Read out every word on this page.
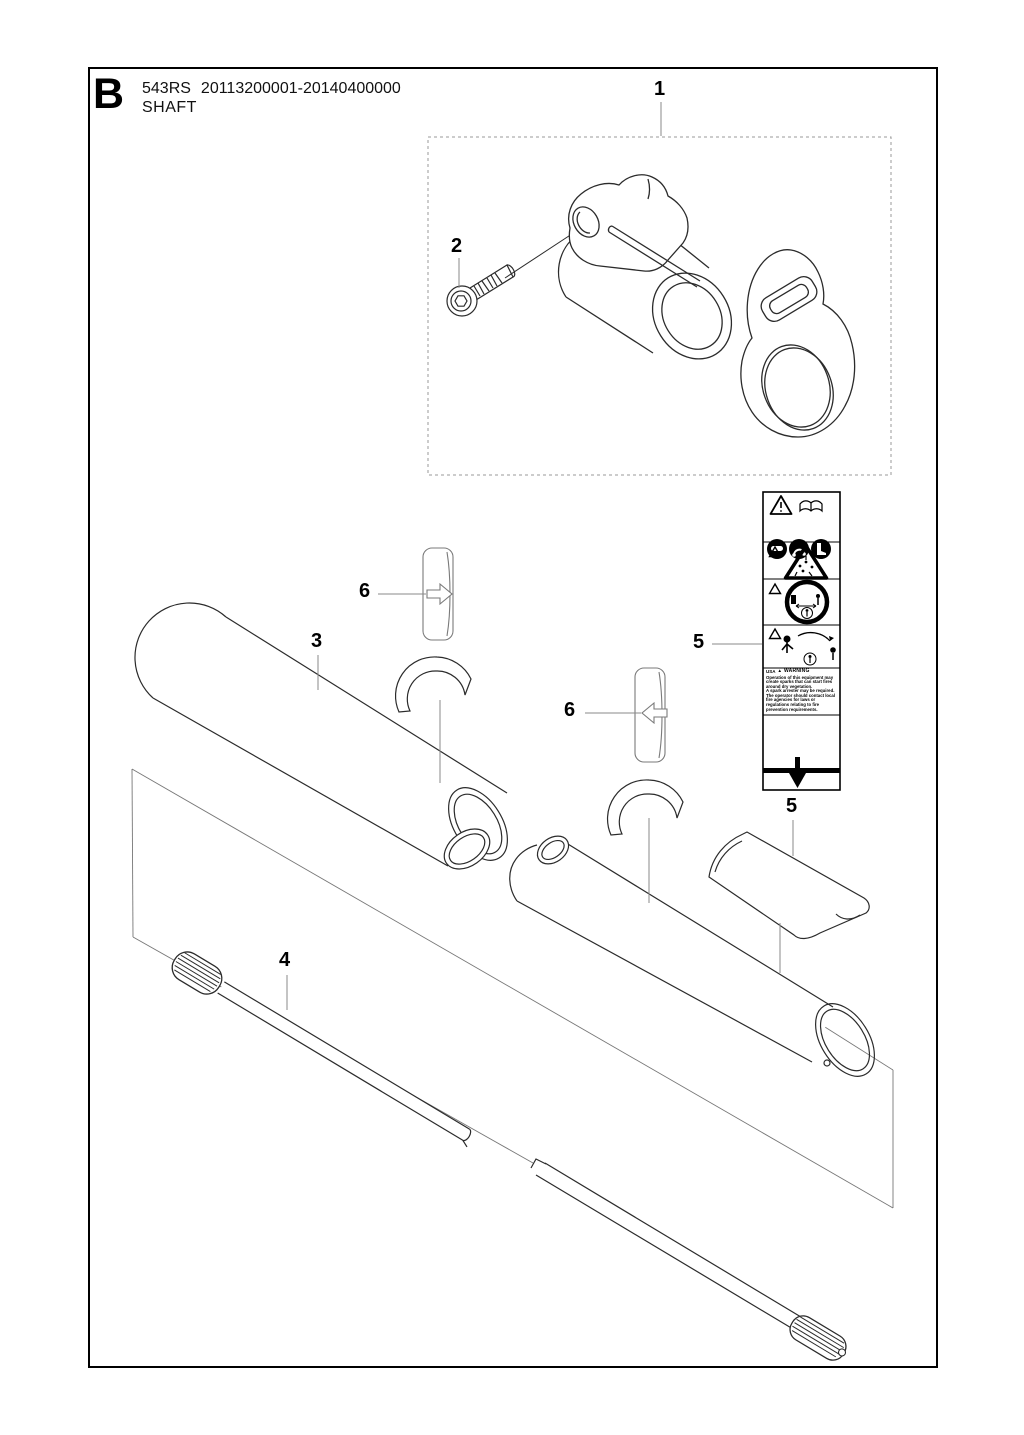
B 543RS 20113200001-20140400000
SHAFT
1
2
3
4
5
5
6
6
USA ▲ WARNING
Operation of this equipment may
create sparks that can start fires
around dry vegetation.
A spark arrester may be required.
The operator should contact local
fire agencies for laws or
regulations relating to fire
prevention requirements.
